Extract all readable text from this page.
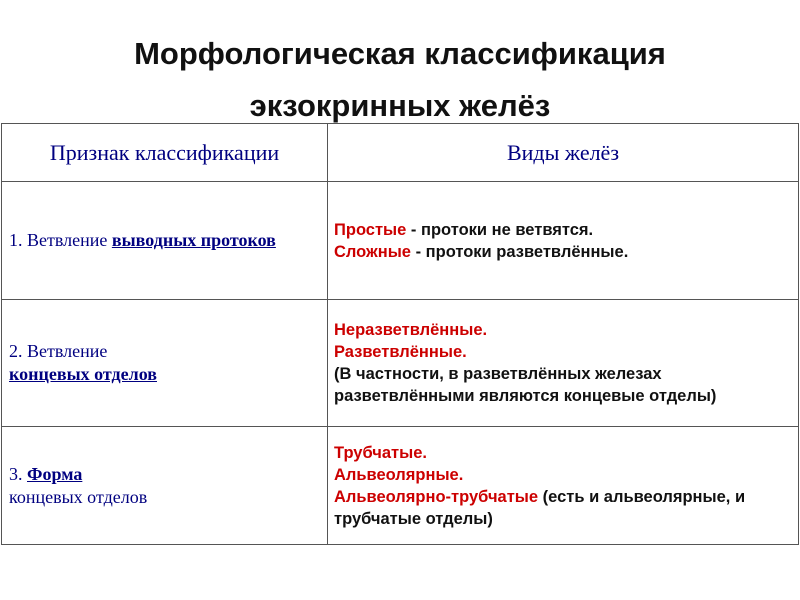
Морфологическая классификация
экзокринных желёз
Признак классификации	Виды желёз
1. Ветвление выводных протоков	Простые - протоки не ветвятся.
Сложные - протоки разветвлённые.

2. Ветвление
концевых отделов	Неразветвлённые.
Разветвлённые.
(В частности, в разветвлённых железах разветвлёнными являются концевые отделы)

3. Форма
концевых отделов	Трубчатые.
Альвеолярные.
Альвеолярно-трубчатые (есть и альвеолярные, и трубчатые отделы)
